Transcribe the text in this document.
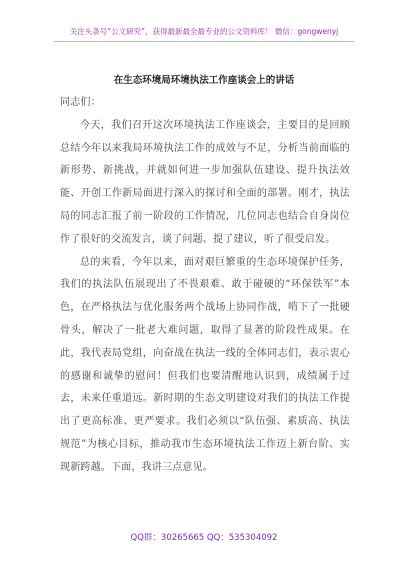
关注头条号“公文研究”，获得最新最全最专业的公文资料库！ 微信：gongwenyj
在生态环境局环境执法工作座谈会上的讲话

同志们：

今天，我们召开这次环境执法工作座谈会，主要目的是回顾总结今年以来我局环境执法工作的成效与不足，分析当前面临的新形势、新挑战，并就如何进一步加强队伍建设、提升执法效能、开创工作新局面进行深入的探讨和全面的部署。刚才，执法局的同志汇报了前一阶段的工作情况，几位同志也结合自身岗位作了很好的交流发言，谈了问题、提了建议，听了很受启发。

总的来看，今年以来，面对艰巨繁重的生态环境保护任务，我们的执法队伍展现出了不畏艰难、敢于碰硬的“环保铁军”本色，在严格执法与优化服务两个战场上协同作战，啃下了一批硬骨头，解决了一批老大难问题，取得了显著的阶段性成果。在此，我代表局党组，向奋战在执法一线的全体同志们，表示衷心的感谢和诚挚的慰问！但我们也要清醒地认识到，成绩属于过去，未来任重道远。新时期的生态文明建设对我们的执法工作提出了更高标准、更严要求。我们必须以“队伍强、素质高、执法规范”为核心目标，推动我市生态环境执法工作迈上新台阶、实现新跨越。下面，我讲三点意见。

QQ群：30265665 QQ：535304092
